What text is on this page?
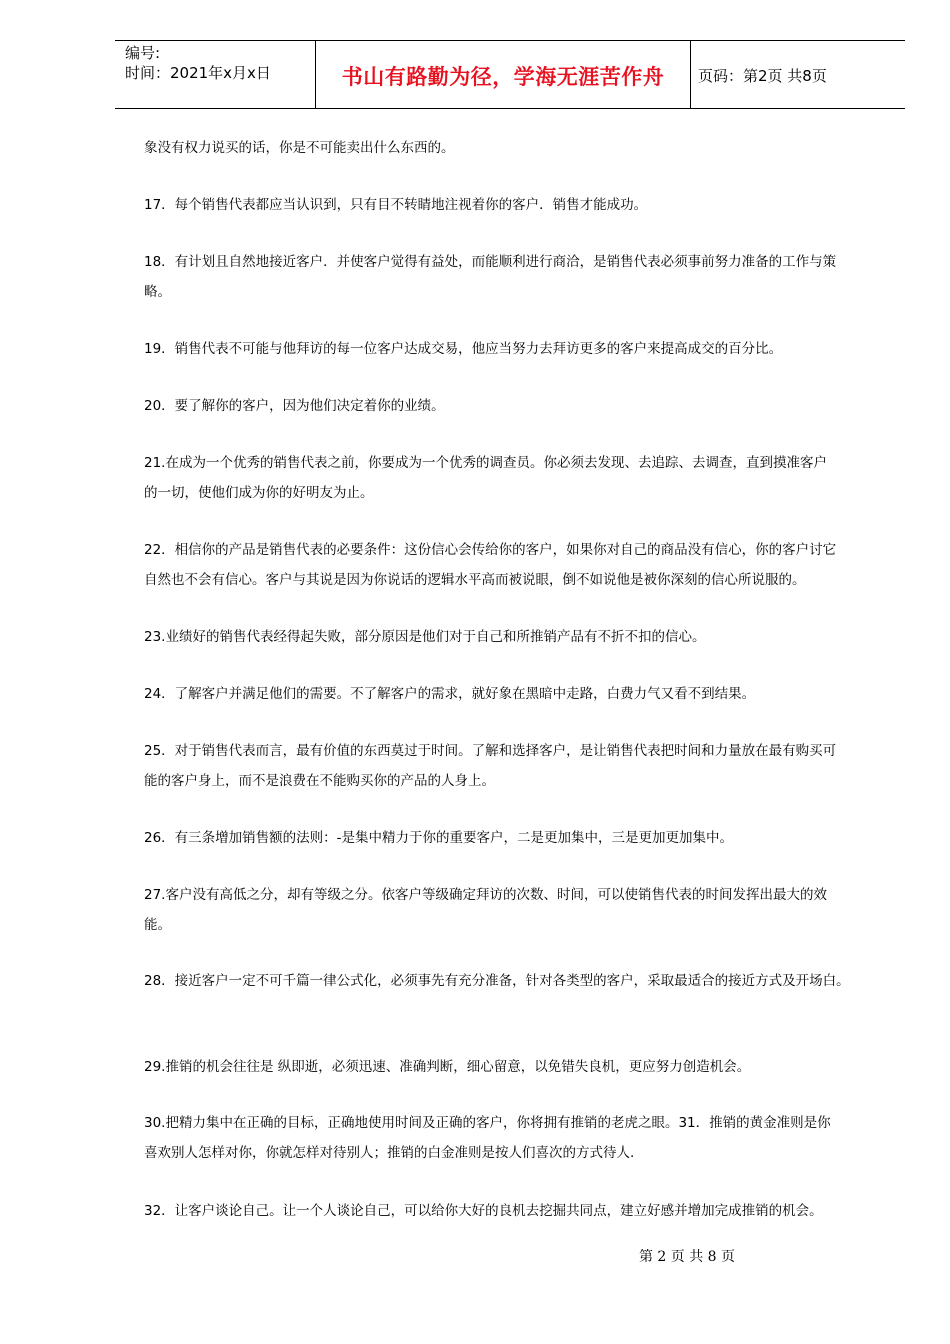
编号:
时间：2021年x月x日	书山有路勤为径，学海无涯苦作舟	页码：第2页 共8页
象没有权力说买的话，你是不可能卖出什么东西的。
17．每个销售代表都应当认识到，只有目不转睛地注视着你的客户．销售才能成功。
18．有计划且自然地接近客户．并使客户觉得有益处，而能顺利进行商洽，是销售代表必须事前努力准备的工作与策
略。
19．销售代表不可能与他拜访的每一位客户达成交易，他应当努力去拜访更多的客户来提高成交的百分比。
20．要了解你的客户，因为他们决定着你的业绩。
21.在成为一个优秀的销售代表之前，你要成为一个优秀的调查员。你必须去发现、去追踪、去调查，直到摸准客户
的一切，使他们成为你的好明友为止。
22．相信你的产品是销售代表的必要条件：这份信心会传给你的客户，如果你对自己的商品没有信心，你的客户讨它
自然也不会有信心。客户与其说是因为你说话的逻辑水平高而被说眼，倒不如说他是被你深刻的信心所说服的。
23.业绩好的销售代表经得起失败，部分原因是他们对于自己和所推销产品有不折不扣的信心。
24．了解客户并满足他们的需要。不了解客户的需求，就好象在黑暗中走路，白费力气又看不到结果。
25．对于销售代表而言，最有价值的东西莫过于时间。了解和选择客户，是让销售代表把时间和力量放在最有购买可
能的客户身上，而不是浪费在不能购买你的产品的人身上。
26．有三条增加销售额的法则：-是集中精力于你的重要客户，二是更加集中，三是更加更加集中。
27.客户没有高低之分，却有等级之分。依客户等级确定拜访的次数、时间，可以使销售代表的时间发挥出最大的效
能。
28．接近客户一定不可千篇一律公式化，必须事先有充分准备，针对各类型的客户，采取最适合的接近方式及开场白。
29.推销的机会往往是 纵即逝，必须迅速、准确判断，细心留意，以免错失良机，更应努力创造机会。
30.把精力集中在正确的目标，正确地使用时间及正确的客户，你将拥有推销的老虎之眼。31．推销的黄金准则是你
喜欢别人怎样对你，你就怎样对待别人；推销的白金准则是按人们喜次的方式待人.
32．让客户谈论自己。让一个人谈论自己，可以给你大好的良机去挖掘共同点，建立好感并增加完成推销的机会。
第 2 页 共 8 页
